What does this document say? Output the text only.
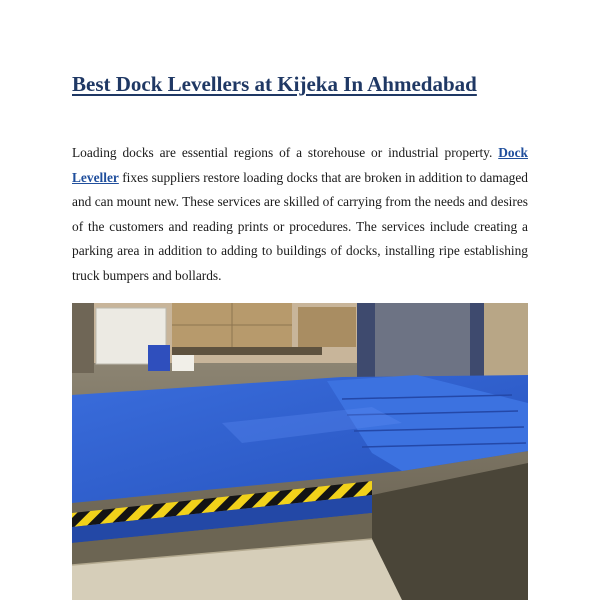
Best Dock Levellers at Kijeka In Ahmedabad

Loading docks are essential regions of a storehouse or industrial property. Dock Leveller fixes suppliers restore loading docks that are broken in addition to damaged and can mount new. These services are skilled of carrying from the needs and desires of the customers and reading prints or procedures. The services include creating a parking area in addition to adding to buildings of docks, installing ripe establishing truck bumpers and bollards.
